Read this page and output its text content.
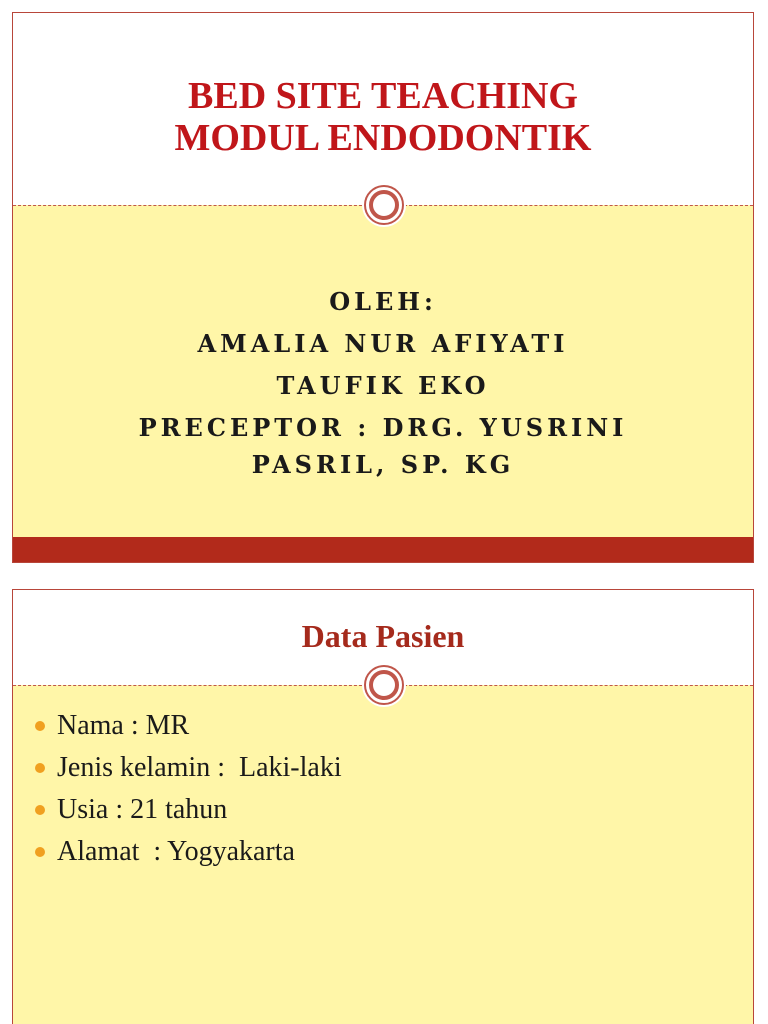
BED SITE TEACHING
MODUL ENDODONTIK
OLEH:
AMALIA NUR AFIYATI
TAUFIK EKO
PRECEPTOR : DRG. YUSRINI
PASRIL, SP. KG
Data Pasien
Nama : MR
Jenis kelamin :  Laki-laki
Usia : 21 tahun
Alamat  : Yogyakarta
